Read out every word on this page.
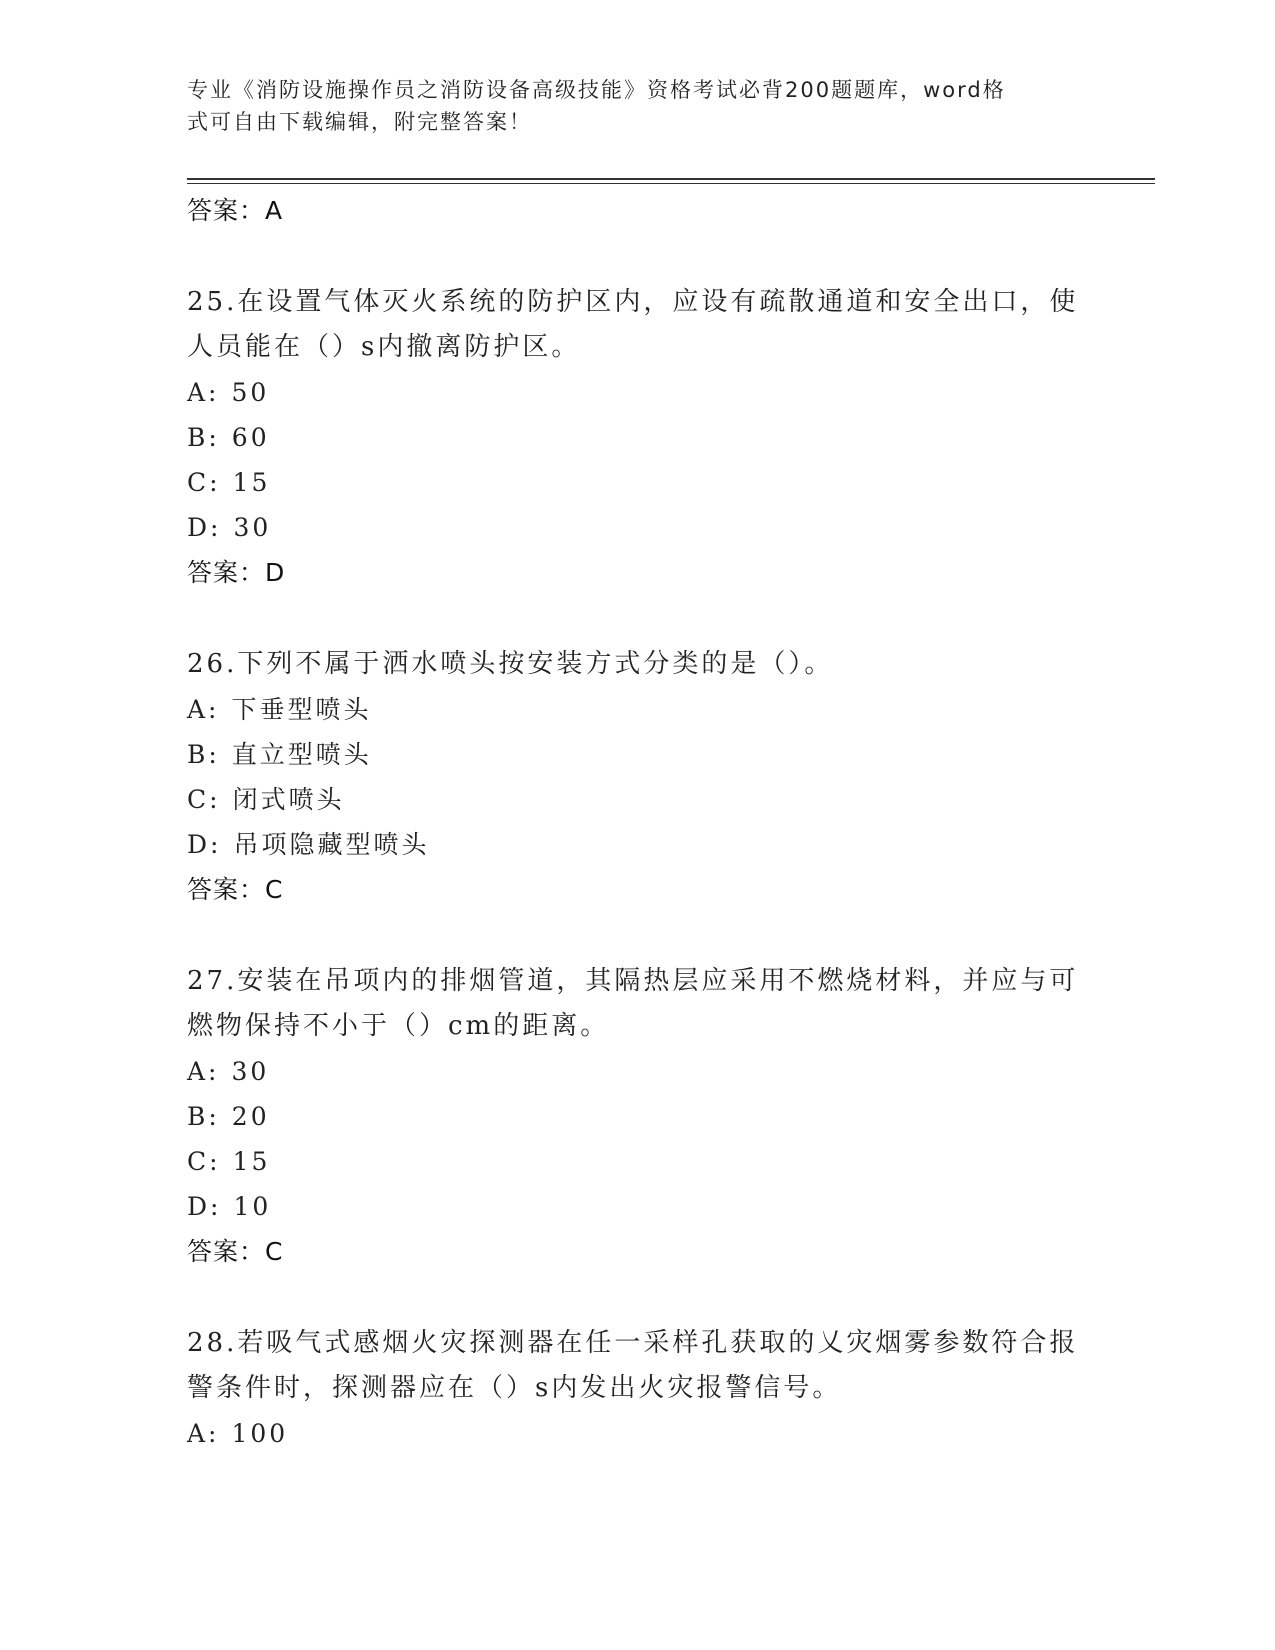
专业《消防设施操作员之消防设备高级技能》资格考试必背200题题库，word格
式可自由下载编辑，附完整答案！
答案：A
25.在设置气体灭火系统的防护区内，应设有疏散通道和安全出口，使人员能在（）s内撤离防护区。
A: 50
B: 60
C: 15
D: 30
答案：D
26.下列不属于洒水喷头按安装方式分类的是（）。
A: 下垂型喷头
B: 直立型喷头
C: 闭式喷头
D: 吊项隐藏型喷头
答案：C
27.安装在吊项内的排烟管道，其隔热层应采用不燃烧材料，并应与可燃物保持不小于（）cm的距离。
A: 30
B: 20
C: 15
D: 10
答案：C
28.若吸气式感烟火灾探测器在任一采样孔获取的乂灾烟雾参数符合报警条件时，探测器应在（）s内发出火灾报警信号。
A: 100
